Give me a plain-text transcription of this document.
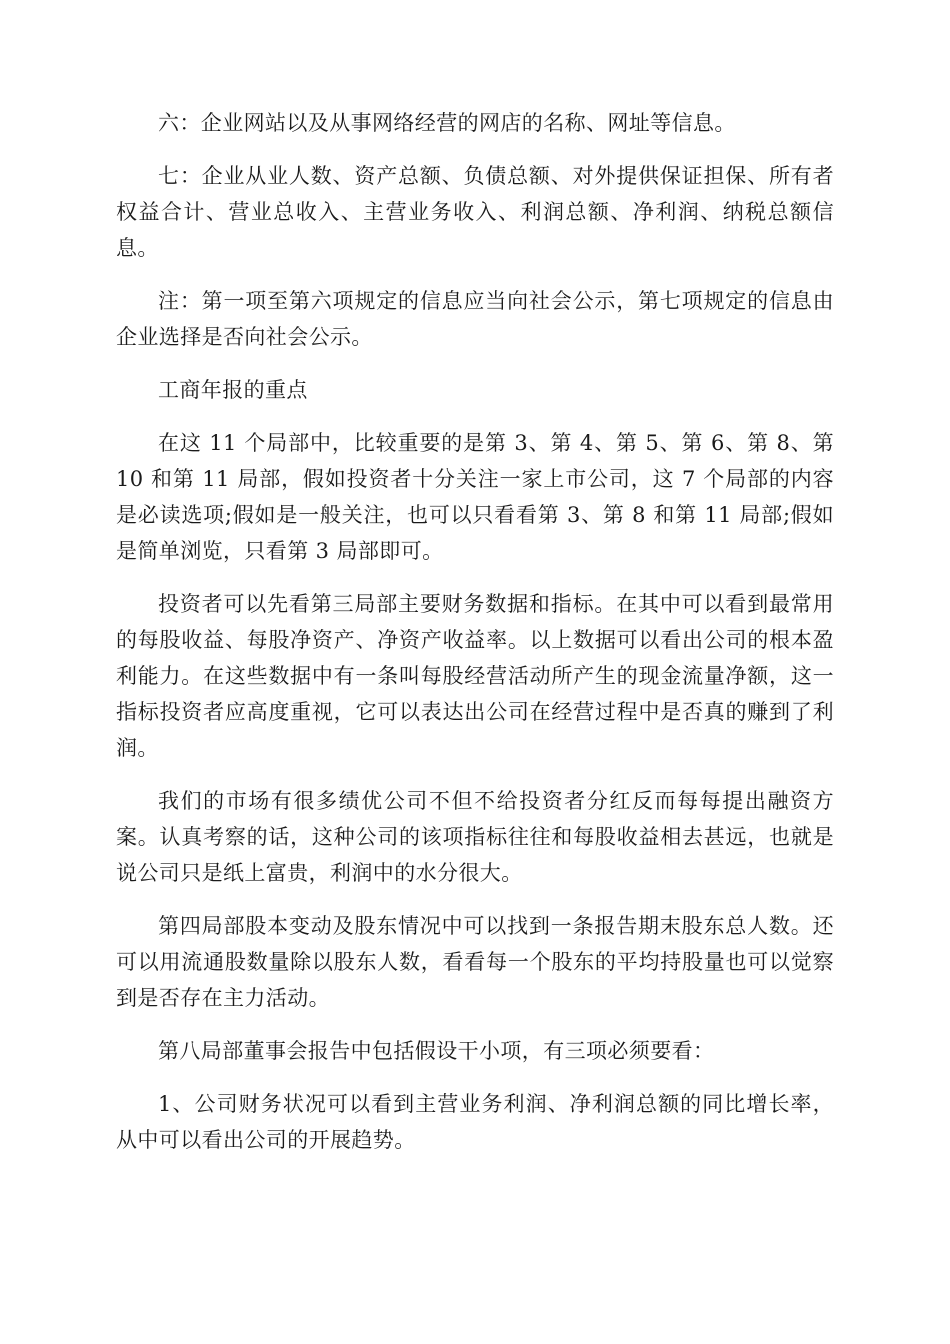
六：企业网站以及从事网络经营的网店的名称、网址等信息。

七：企业从业人数、资产总额、负债总额、对外提供保证担保、所有者权益合计、营业总收入、主营业务收入、利润总额、净利润、纳税总额信息。

注：第一项至第六项规定的信息应当向社会公示，第七项规定的信息由企业选择是否向社会公示。

工商年报的重点

在这 11 个局部中，比较重要的是第 3、第 4、第 5、第 6、第 8、第 10 和第 11 局部，假如投资者十分关注一家上市公司，这 7 个局部的内容是必读选项;假如是一般关注，也可以只看看第 3、第 8 和第 11 局部;假如是简单浏览，只看第 3 局部即可。

投资者可以先看第三局部主要财务数据和指标。在其中可以看到最常用的每股收益、每股净资产、净资产收益率。以上数据可以看出公司的根本盈利能力。在这些数据中有一条叫每股经营活动所产生的现金流量净额，这一指标投资者应高度重视，它可以表达出公司在经营过程中是否真的赚到了利润。

我们的市场有很多绩优公司不但不给投资者分红反而每每提出融资方案。认真考察的话，这种公司的该项指标往往和每股收益相去甚远，也就是说公司只是纸上富贵，利润中的水分很大。

第四局部股本变动及股东情况中可以找到一条报告期末股东总人数。还可以用流通股数量除以股东人数，看看每一个股东的平均持股量也可以觉察到是否存在主力活动。

第八局部董事会报告中包括假设干小项，有三项必须要看：

1、公司财务状况可以看到主营业务利润、净利润总额的同比增长率，从中可以看出公司的开展趋势。
